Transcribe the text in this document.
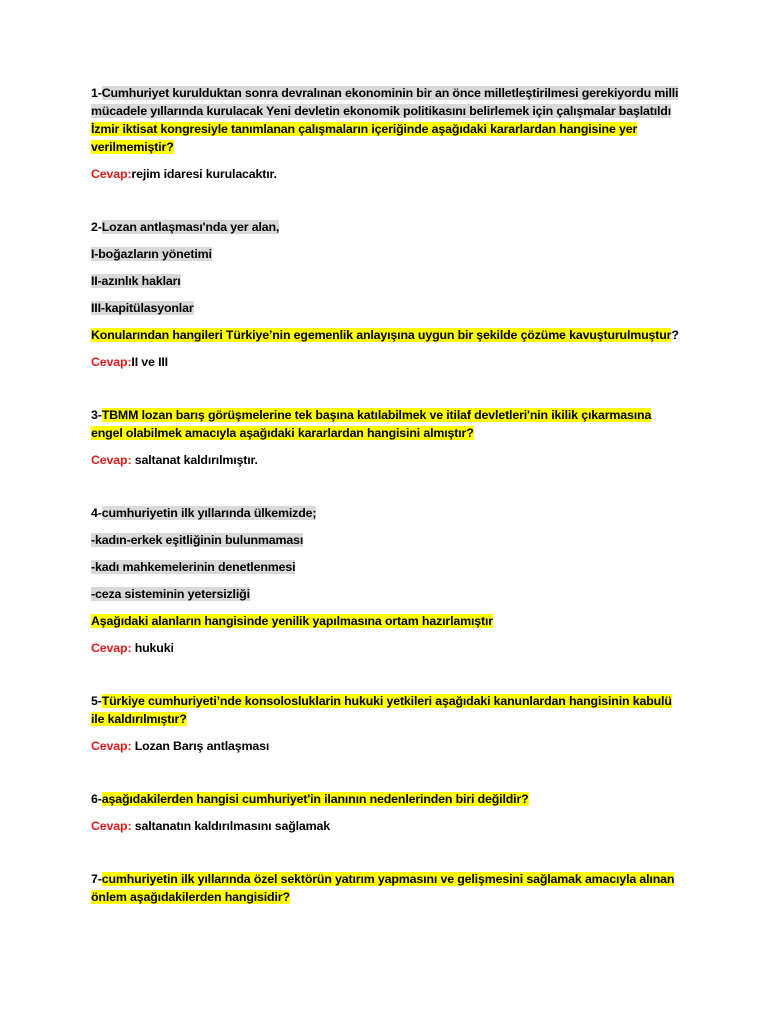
1-Cumhuriyet kurulduktan sonra devralınan ekonominin bir an önce milletleştirilmesi gerekiyordu milli mücadele yıllarında kurulacak Yeni devletin ekonomik politikasını belirlemek için çalışmalar başlatıldı İzmir iktisat kongresiyle tanımlanan çalışmaların içeriğinde aşağıdaki kararlardan hangisine yer verilmemiştir?

Cevap:rejim idaresi kurulacaktır.

2-Lozan antlaşması'nda yer alan,

I-boğazların yönetimi

II-azınlık hakları

III-kapitülasyonlar

Konularından hangileri Türkiye’nin egemenlik anlayışına uygun bir şekilde çözüme kavuşturulmuştur?

Cevap:II ve III

3-TBMM lozan barış görüşmelerine tek başına katılabilmek ve itilaf devletleri'nin ikilik çıkarmasına engel olabilmek amacıyla aşağıdaki kararlardan hangisini almıştır?

Cevap: saltanat kaldırılmıştır.

4-cumhuriyetin ilk yıllarında ülkemizde;

-kadın-erkek eşitliğinin bulunmaması

-kadı mahkemelerinin denetlenmesi

-ceza sisteminin yetersizliği

Aşağıdaki alanların hangisinde yenilik yapılmasına ortam hazırlamıştır

Cevap: hukuki

5-Türkiye cumhuriyeti’nde konsolosluklarin hukuki yetkileri aşağıdaki kanunlardan hangisinin kabulü ile kaldırılmıştır?

Cevap: Lozan Barış antlaşması

6-aşağıdakilerden hangisi cumhuriyet'in ilanının nedenlerinden biri değildir?

Cevap: saltanatın kaldırılmasını sağlamak

7-cumhuriyetin ilk yıllarında özel sektörün yatırım yapmasını ve gelişmesini sağlamak amacıyla alınan önlem aşağıdakilerden hangisidir?
